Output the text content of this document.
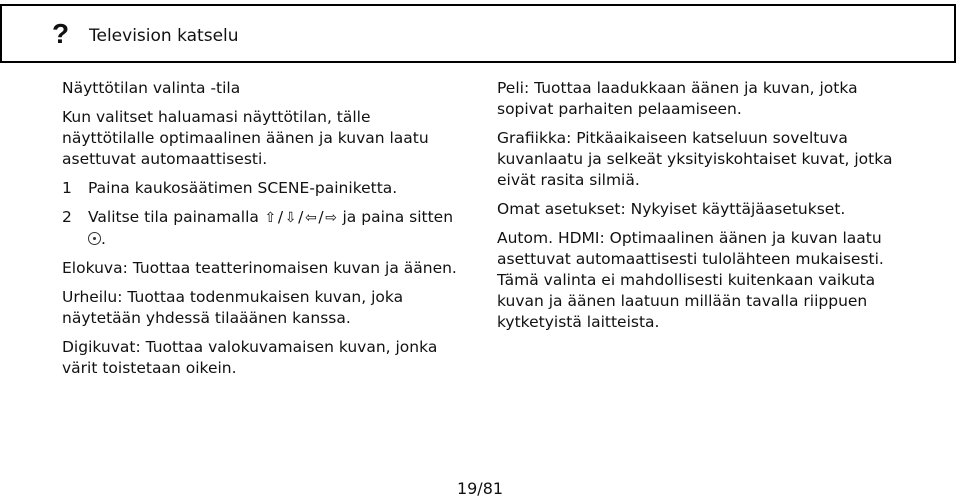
? Television katselu

Näyttötilan valinta -tila

Kun valitset haluamasi näyttötilan, tälle näyttötilalle optimaalinen äänen ja kuvan laatu asettuvat automaattisesti.

1	Paina kaukosäätimen SCENE-painiketta.
2	Valitse tila painamalla ⇧ / ⇩ / ⇦ / ⇨ ja paina sitten
.

Elokuva: Tuottaa teatterinomaisen kuvan ja äänen.

Urheilu: Tuottaa todenmukaisen kuvan, joka näytetään yhdessä tilaäänen kanssa.

Digikuvat: Tuottaa valokuvamaisen kuvan, jonka värit toistetaan oikein.

Peli: Tuottaa laadukkaan äänen ja kuvan, jotka sopivat parhaiten pelaamiseen.

Grafiikka: Pitkäaikaiseen katseluun soveltuva kuvanlaatu ja selkeät yksityiskohtaiset kuvat, jotka eivät rasita silmiä.

Omat asetukset: Nykyiset käyttäjäasetukset.

Autom. HDMI: Optimaalinen äänen ja kuvan laatu asettuvat automaattisesti tulolähteen mukaisesti. Tämä valinta ei mahdollisesti kuitenkaan vaikuta kuvan ja äänen laatuun millään tavalla riippuen kytketyistä laitteista.

19/81
